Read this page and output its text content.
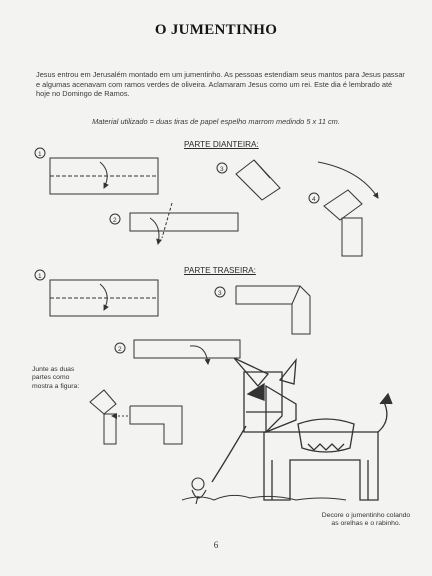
O JUMENTINHO
Jesus entrou em Jerusalém montado em um jumentinho. As pessoas estendiam seus mantos para Jesus passar e algumas acenavam com ramos verdes de oliveira. Aclamaram Jesus como um rei. Este dia é lembrado até hoje no Domingo de Ramos.
Material utilizado = duas tiras de papel espelho marrom medindo 5 x 11 cm.
PARTE DIANTEIRA:
PARTE TRASEIRA:
Junte as duas partes como mostra a figura:
Decore o jumentinho colando as orelhas e o rabinho.
6
1
2
3
4
1
2
3
